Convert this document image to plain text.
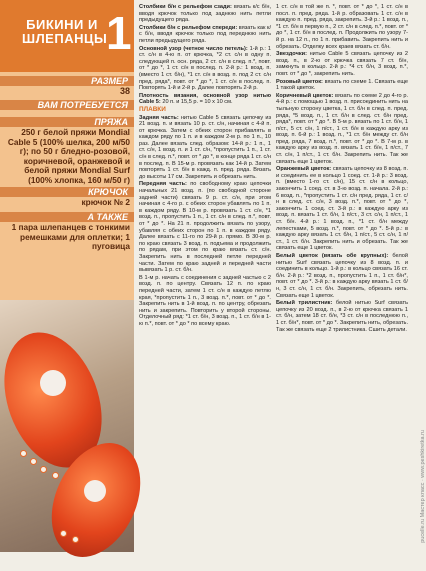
БИКИНИ И ШЛЕПАНЦЫ
1
РАЗМЕР
38
ВАМ ПОТРЕБУЕТСЯ
ПРЯЖА
250 г белой пряжи Mondial Cable 5 (100% шелка, 200 м/50 г); по 50 г бледно-розовой, коричневой, оранжевой и белой пряжи Mondial Surf (100% хлопка, 160 м/50 г)
КРЮЧОК
крючок № 2
А ТАКЖЕ
1 пара шлепанцев с тонкими ремешками для оплетки; 1 пуговица

Столбики б/н с рельефом сзади: вязать к/с б/н, вводя крючок только под заднюю нить петли предыдущего ряда.

Столбики б/н с рельефом спереди: вязать как к/с б/н, вводя крючок только под переднюю нить петли предыдущего ряда.

Основной узор (четное число петель): 1-й р.: 1 ст. с/н в 4-ю п. от крючка, *2 ст. с/н в одну п. следующей п. осн. ряда, 2 ст. с/н в след. п.*, повт. от * до *, 1 ст. с/н в послед. п. 2-й р.: 1 возд. п. (вместо 1 ст. б/н), *1 ст. с/н в возд. п. под 2 ст. с/н пред. ряда*, повт. от * до *, 1 ст. с/н в послед. п. Повторять 1-й и 2-й р. Далее повторять 2-й р.

Плотность вязания, основной узор нитью Cable 5: 20 п. и 15,5 р. = 10 х 10 см.

ПЛАВКИ

Задняя часть: нитью Cable 5 связать цепочку из 21 возд. п. и вязать 10 р. ст. с/н, начиная с 4-й п. от крючка. Затем с обеих сторон прибавлять в каждом ряду по 1 п. и в каждом 2-м р. по 1 п., 10 раз. Далее вязать след. образом: 14-й р.: 1 п., 1 ст. с/н, 1 возд. п. и 1 ст. с/н, *пропустить 1 п., 1 ст. с/н в след. п.*, повт. от * до *, в конце ряда 1 ст. с/н в послед. п. В 15-м р. провязать как 14-й р. Затем повторять 1 ст. б/н в кажд. п. пред. ряда. Вязать до высоты 17 см. Закрепить и обрезать нить.

Передняя часть: по свободному краю цепочки начальных 21 возд. п. (по свободной стороне задней части) связать 9 р. ст. с/н, при этом начиная с 4-го р. с обеих сторон убавлять по 1 п. в каждом ряду. В 10-м р. провязать 1 ст. с/н, *1 возд. п., пропустить 1 п., 1 ст. с/н в след. п.*, повт. от * до *. На 21 п. продолжить вязать по узору, убавляя с обеих сторон по 1 п. в каждом ряду. Далее вязать с 11-го по 29-й р. прямо. В 30-м р. по краю связать 3 возд. п. подъема и продолжить по рядам, при этом по краю вязать ст. с/н. Закрепить нить в последней петле передней части. Затем по краю задней и передней части вывязать 1 р. ст. б/н.

В 1-м р. начать с соединения с задней частью с 2 возд. п. по центру. Связать 12 п. по краю передней части, затем 1 ст. с/н в каждую петлю края, *пропустить 1 п., 3 возд. п.*, повт. от * до *. Закрепить нить в 1-й возд. п. по центру, обрезать нить и закрепить. Повторить у второй стороны. Отделочный ряд: *1 ст. б/н, 3 возд. п., 1 ст. б/н в 1-ю п.*, повт. от * до * по всему краю.

1 ст. с/н в той же п. *, повт. от * до *, 1 ст. с/н в посл. п. пред. ряда. 1-й р. образовать 1 ст. с/н в каждую п. пред. ряда, закрепить. 3-й р.: 1 возд. п., *1 ст. б/н в первую п., 2 ст. с/н в след. п.*, повт. от * до *, 1 ст. б/н в послед. п. Продолжить по узору 7-й р. на 12 п., по 1 п. прибавить. Закрепить нить и обрезать. Отделку всех краев вязать ст. б/н.

Звездочки: нитью Cable 5 связать цепочку из 2 возд. п., в 2-ю от крючка связать 7 ст. б/н, замкнуть в кольцо. 2-й р.: *4 ст. б/н, 3 возд. п.*, повт. от * до *, закрепить нить.

Розовый цветок: вязать по схеме 1. Связать еще 1 такой цветок.

Коричневый цветок: вязать по схеме 2 до 4-го р. 4-й р.: с помощью 1 возд. п. присоединить нить на тыльную сторону цветка, 1 ст. б/н в след. п. пред. ряда, *5 возд. п., 1 ст. б/н в след. ст. б/н пред. ряда*, повт. от * до *. В 5-м р. вязать по 1 ст. б/н, 1 п/ст., 5 ст. с/н, 1 п/ст., 1 ст. б/н в каждую арку из возд. п. 6-й р.: 1 возд. п., *1 ст. б/н между ст. б/н пред. ряда, 7 возд. п.*, повт. от * до *. В 7-м р. в каждую арку из возд. п. вязать 1 ст. б/н, 1 п/ст., 7 ст. с/н, 1 п/ст., 1 ст. б/н. Закрепить нить. Так же связать еще 1 цветок.

Оранжевый цветок: связать цепочку из 8 возд. п. и соединить ее в кольцо 1 соед. ст. 1-й р.: 3 возд. п. (вместо 1-го ст. с/н), 15 ст. с/н в кольцо, закончить 1 соед. ст. в 3-ю возд. п. начала. 2-й р.: 6 возд. п., *пропустить 1 ст. с/н пред. ряда, 1 ст. с/н в след. ст. с/н, 3 возд. п.*, повт. от * до *, закончить 1 соед. ст. 3-й р.: в каждую арку из возд. п. вязать 1 ст. б/н, 1 п/ст., 3 ст. с/н, 1 п/ст., 1 ст. б/н. 4-й р.: 1 возд. п., *1 ст. б/н между лепестками, 5 возд. п.*, повт. от * до *. 5-й р.: в каждую арку вязать 1 ст. б/н, 1 п/ст., 5 ст. с/н, 1 п/ст., 1 ст. б/н. Закрепить нить и обрезать. Так же связать еще 1 цветок.

Белый цветок (вязать обе крупных): белой нитью Surf связать цепочку из 8 возд. п. и соединить в кольцо. 1-й р.: в кольцо связать 16 ст. б/н. 2-й р.: *2 возд. п., пропустить 1 п., 1 ст. б/н*, повт. от * до *. 3-й р.: в каждую арку вязать 1 ст. б/н, 3 ст. с/н, 1 ст. б/н. Закрепить, обрезать нить. Связать еще 1 цветок.

Белый трилистник: белой нитью Surf связать цепочку из 20 возд. п., в 2-ю от крючка связать 1 ст. б/н, затем 18 ст. б/н, *3 ст. с/н в последнюю п., 1 ст. б/н*, повт. от * до *. Закрепить нить, обрезать. Так же связать еще 2 трилистника. Сшить детали.

pucelle.ru Мастер класс · www.peshkiretka.ru
